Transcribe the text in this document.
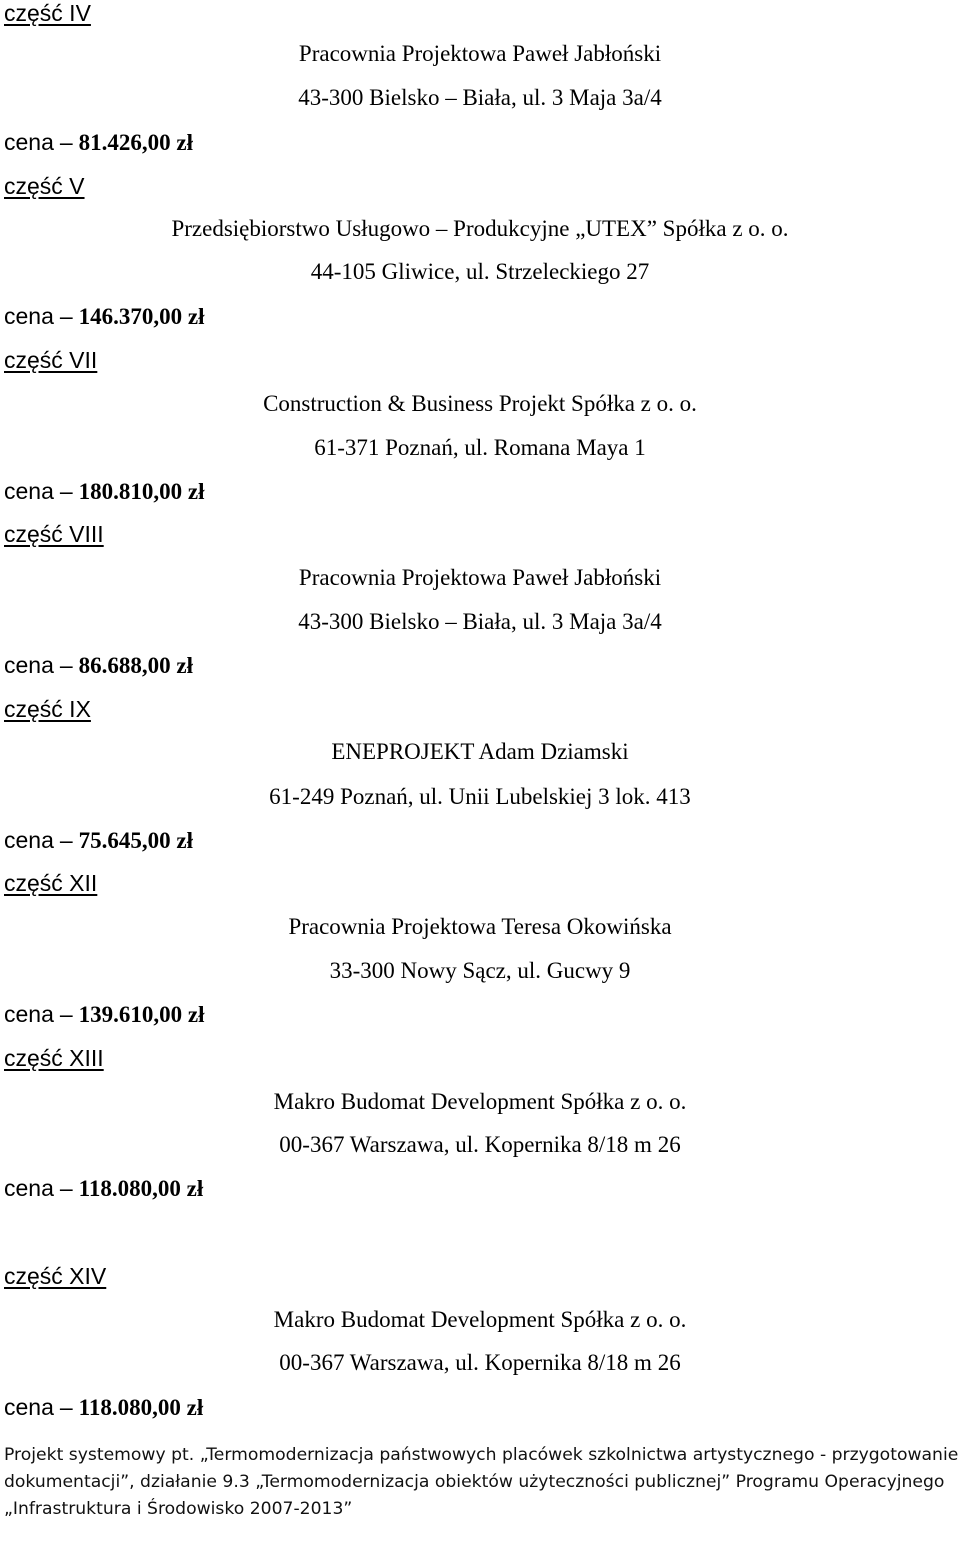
część IV
Pracownia Projektowa Paweł Jabłoński
43-300 Bielsko – Biała, ul. 3 Maja 3a/4
cena – 81.426,00 zł
część V
Przedsiębiorstwo Usługowo – Produkcyjne „UTEX” Spółka z o. o.
44-105 Gliwice, ul. Strzeleckiego 27
cena – 146.370,00 zł
część VII
Construction & Business Projekt Spółka z o. o.
61-371 Poznań, ul. Romana Maya 1
cena – 180.810,00 zł
część VIII
Pracownia Projektowa Paweł Jabłoński
43-300 Bielsko – Biała, ul. 3 Maja 3a/4
cena – 86.688,00 zł
część IX
ENEPROJEKT Adam Dziamski
61-249 Poznań, ul. Unii Lubelskiej 3 lok. 413
cena – 75.645,00 zł
część XII
Pracownia Projektowa Teresa Okowińska
33-300 Nowy Sącz, ul. Gucwy 9
cena – 139.610,00 zł
część XIII
Makro Budomat Development Spółka z o. o.
00-367 Warszawa, ul. Kopernika 8/18 m 26
cena – 118.080,00 zł
część XIV
Makro Budomat Development Spółka z o. o.
00-367 Warszawa, ul. Kopernika 8/18 m 26
cena – 118.080,00 zł
Projekt systemowy pt. „Termomodernizacja państwowych placówek szkolnictwa artystycznego - przygotowanie
dokumentacji”, działanie 9.3 „Termomodernizacja obiektów użyteczności publicznej” Programu Operacyjnego
„Infrastruktura i Środowisko 2007-2013”
